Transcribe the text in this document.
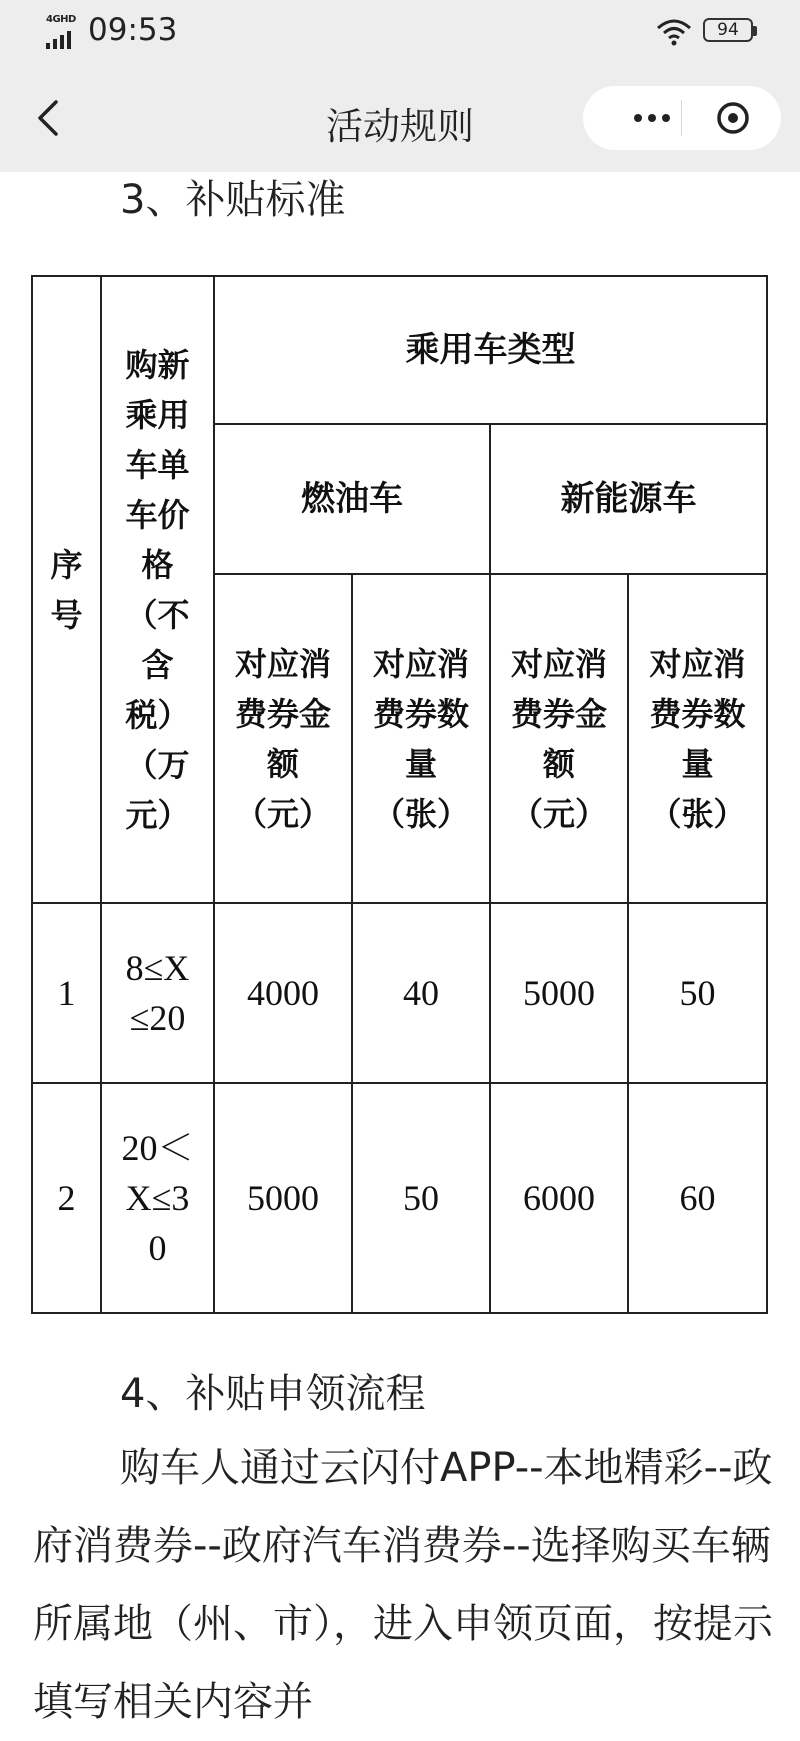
4GHD 09:53	94
活动规则
3、补贴标准
序号	购新乘用车单车价格 （不含税）（万元）	乘用车类型			
		燃油车		新能源车	

		对应消费券金额（元）	对应消费券数量（张）	对应消费券金额（元）	对应消费券数量（张）

1	8≤X≤20	4000	40	5000	50
2	20＜X≤30	5000	50	6000	60
4、补贴申领流程
购车人通过云闪付APP--本地精彩--政府消费券--政府汽车消费券--选择购买车辆所属地（州、市），进入申领页面，按提示填写相关内容并
